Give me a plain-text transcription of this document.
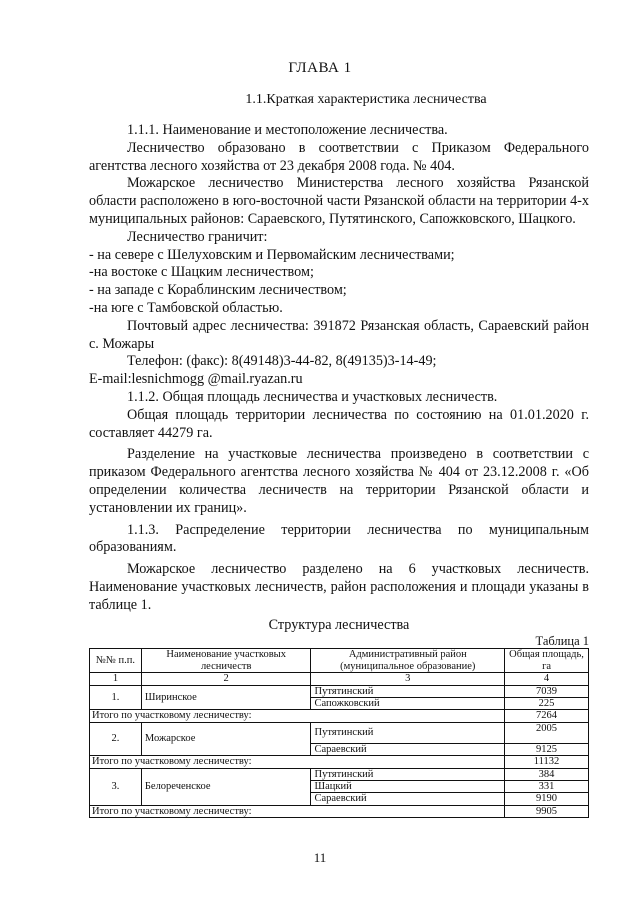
ГЛАВА 1
1.1.Краткая характеристика лесничества

1.1.1. Наименование и местоположение лесничества.

Лесничество образовано в соответствии с Приказом Федерального агентства лесного хозяйства от 23 декабря 2008 года. № 404.

Можарское лесничество Министерства лесного хозяйства Рязанской области расположено в юго-восточной части Рязанской области на территории 4-х муниципальных районов: Сараевского, Путятинского, Сапожковского, Шацкого.

Лесничество граничит:

- на севере с Шелуховским и Первомайским лесничествами;

-на востоке с Шацким лесничеством;

- на западе с Кораблинским лесничеством;

-на юге с Тамбовской областью.

Почтовый адрес лесничества: 391872 Рязанская область, Сараевский район с. Можары

Телефон: (факс): 8(49148)3-44-82, 8(49135)3-14-49;

E-mail:lesnichmogg @mail.ryazan.ru

1.1.2. Общая площадь лесничества и участковых лесничеств.

Общая площадь территории лесничества по состоянию на 01.01.2020 г. составляет 44279 га.

Разделение на участковые лесничества произведено в соответствии с приказом Федерального агентства лесного хозяйства № 404 от 23.12.2008 г. «Об определении количества лесничеств на территории Рязанской области и установлении их границ».

1.1.3. Распределение территории лесничества по муниципальным образованиям.

Можарское лесничество разделено на 6 участковых лесничеств. Наименование участковых лесничеств, район расположения и площади указаны в таблице 1.

Структура лесничества

Таблица 1

№№ п.п.	Наименование участковых лесничеств	Административный район (муниципальное образование)	Общая площадь, га
1	2	3	4
1.	Ширинское	Путятинский	7039
		Сапожковский	225
Итого по участковому лесничеству:			7264
2.	Можарское	Путятинский	2005
		Сараевский	9125
Итого по участковому лесничеству:			11132
3.	Белореченское	Путятинский	384
		Шацкий	331
		Сараевский	9190
Итого по участковому лесничеству:			9905
11
